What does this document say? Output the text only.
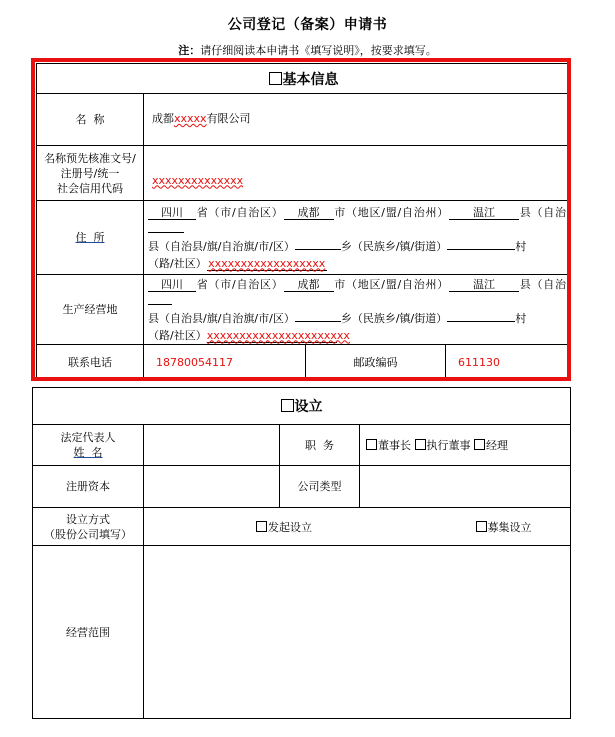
公司登记（备案）申请书
注：请仔细阅读本申请书《填写说明》，按要求填写。
基本信息			
名  称	成都xxxxx有限公司		

名称预先核准文号/
注册号/统一
社会信用代码	xxxxxxxxxxxxxx		
住  所	四川 省（市/自治区） 成都 市（地区/盟/自治州） 温江 县（自治
县（自治县/旗/自治旗/市/区） 乡（民族乡/镇/街道） 村
（路/社区）xxxxxxxxxxxxxxxxxx		
生产经营地	四川 省（市/自治区） 成都 市（地区/盟/自治州） 温江 县（自治
县（自治县/旗/自治旗/市/区） 乡（民族乡/镇/街道） 村
（路/社区）xxxxxxxxxxxxxxxxxxxxxx		
联系电话	18780054117	邮政编码	611130
设立			

法定代表人
姓  名		职  务	董事长 执行董事 经理
注册资本		公司类型	

设立方式
（股份公司填写）	发起设立 募集设立		
经营范围			
